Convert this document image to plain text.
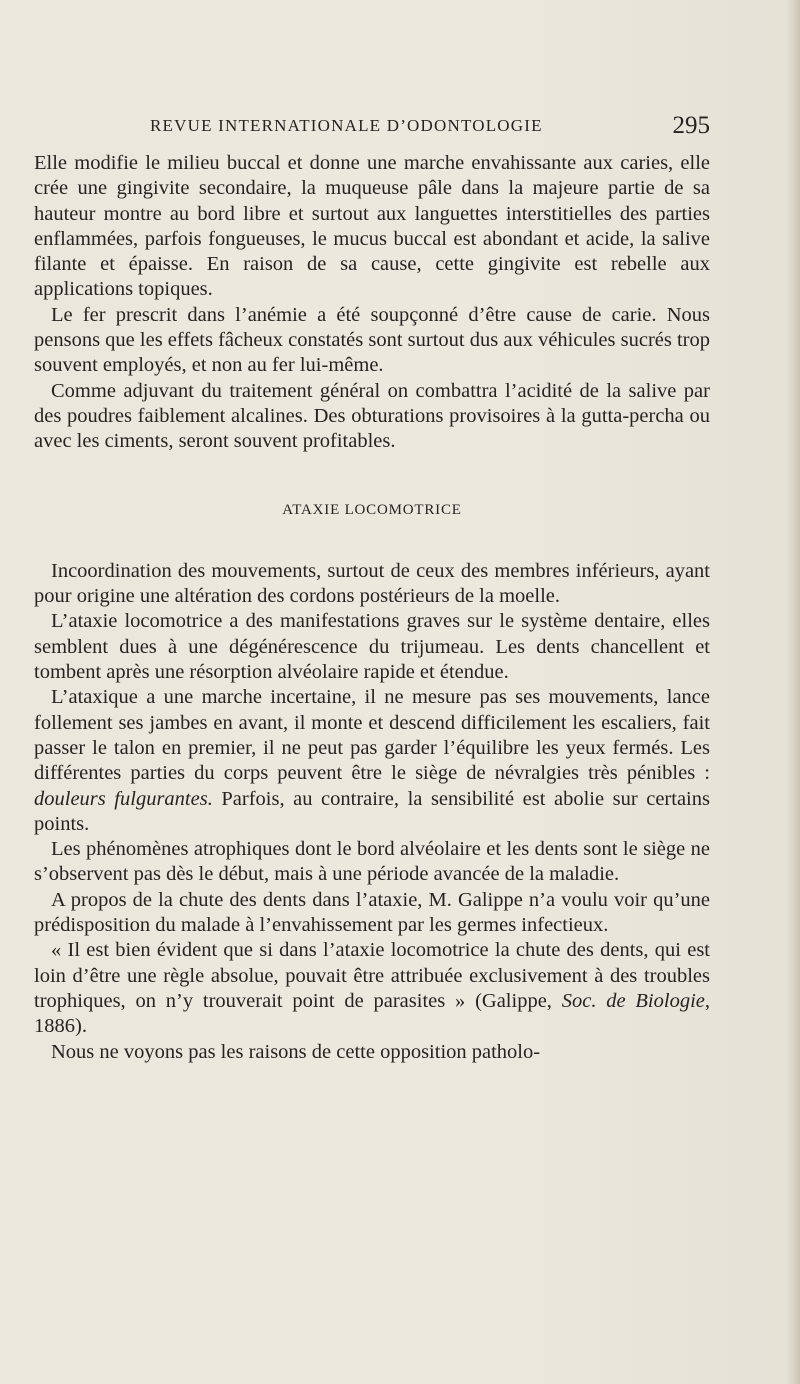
REVUE INTERNATIONALE D’ODONTOLOGIE	295

Elle modifie le milieu buccal et donne une marche envahissante aux caries, elle crée une gingivite secondaire, la muqueuse pâle dans la majeure partie de sa hauteur montre au bord libre et surtout aux languettes interstitielles des parties enflammées, parfois fongueuses, le mucus buccal est abondant et acide, la salive filante et épaisse. En raison de sa cause, cette gingivite est rebelle aux applications topiques.

Le fer prescrit dans l’anémie a été soupçonné d’être cause de carie. Nous pensons que les effets fâcheux constatés sont surtout dus aux véhicules sucrés trop souvent employés, et non au fer lui-même.

Comme adjuvant du traitement général on combattra l’acidité de la salive par des poudres faiblement alcalines. Des obturations provisoires à la gutta-percha ou avec les ciments, seront souvent profitables.

ATAXIE LOCOMOTRICE

Incoordination des mouvements, surtout de ceux des membres inférieurs, ayant pour origine une altération des cordons postérieurs de la moelle.

L’ataxie locomotrice a des manifestations graves sur le système dentaire, elles semblent dues à une dégénérescence du trijumeau. Les dents chancellent et tombent après une résorption alvéolaire rapide et étendue.

L’ataxique a une marche incertaine, il ne mesure pas ses mouvements, lance follement ses jambes en avant, il monte et descend difficilement les escaliers, fait passer le talon en premier, il ne peut pas garder l’équilibre les yeux fermés. Les différentes parties du corps peuvent être le siège de névralgies très pénibles : douleurs fulgurantes. Parfois, au contraire, la sensibilité est abolie sur certains points.

Les phénomènes atrophiques dont le bord alvéolaire et les dents sont le siège ne s’observent pas dès le début, mais à une période avancée de la maladie.

A propos de la chute des dents dans l’ataxie, M. Galippe n’a voulu voir qu’une prédisposition du malade à l’envahissement par les germes infectieux.

« Il est bien évident que si dans l’ataxie locomotrice la chute des dents, qui est loin d’être une règle absolue, pouvait être attribuée exclusivement à des troubles trophiques, on n’y trouverait point de parasites » (Galippe, Soc. de Biologie, 1886).

Nous ne voyons pas les raisons de cette opposition patholo-
